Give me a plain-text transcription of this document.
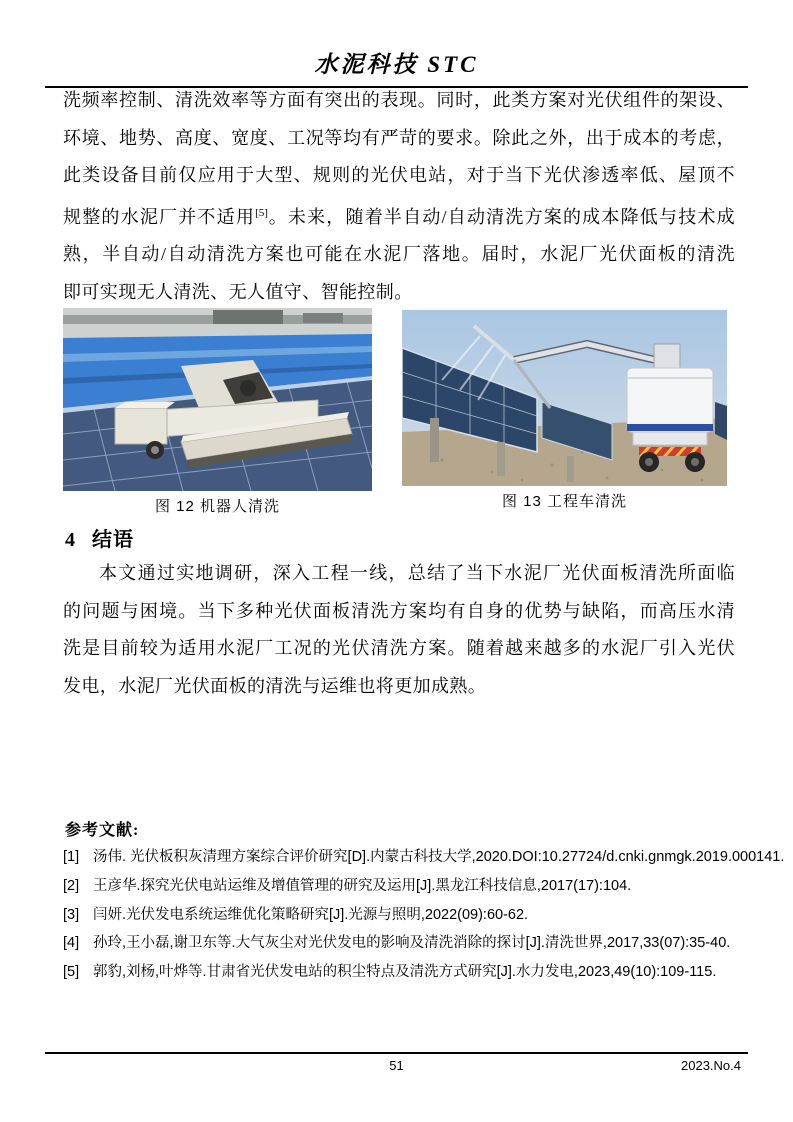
水泥科技 STC
洗频率控制、清洗效率等方面有突出的表现。同时，此类方案对光伏组件的架设、
环境、地势、高度、宽度、工况等均有严苛的要求。除此之外，出于成本的考虑，
此类设备目前仅应用于大型、规则的光伏电站，对于当下光伏渗透率低、屋顶不
规整的水泥厂并不适用[5]。未来，随着半自动/自动清洗方案的成本降低与技术成
熟，半自动/自动清洗方案也可能在水泥厂落地。届时，水泥厂光伏面板的清洗
即可实现无人清洗、无人值守、智能控制。
图 12 机器人清洗	图 13 工程车清洗
4 结语
本文通过实地调研，深入工程一线，总结了当下水泥厂光伏面板清洗所面临
的问题与困境。当下多种光伏面板清洗方案均有自身的优势与缺陷，而高压水清
洗是目前较为适用水泥厂工况的光伏清洗方案。随着越来越多的水泥厂引入光伏
发电，水泥厂光伏面板的清洗与运维也将更加成熟。
参考文献:
[1] 汤伟. 光伏板积灰清理方案综合评价研究[D].内蒙古科技大学,2020.DOI:10.27724/d.cnki.gnmgk.2019.000141.
[2] 王彦华.探究光伏电站运维及增值管理的研究及运用[J].黑龙江科技信息,2017(17):104.
[3] 闫妍.光伏发电系统运维优化策略研究[J].光源与照明,2022(09):60-62.
[4] 孙玲,王小磊,谢卫东等.大气灰尘对光伏发电的影响及清洗消除的探讨[J].清洗世界,2017,33(07):35-40.
[5] 郭豹,刘杨,叶烨等.甘肃省光伏发电站的积尘特点及清洗方式研究[J].水力发电,2023,49(10):109-115.
51	2023.No.4
